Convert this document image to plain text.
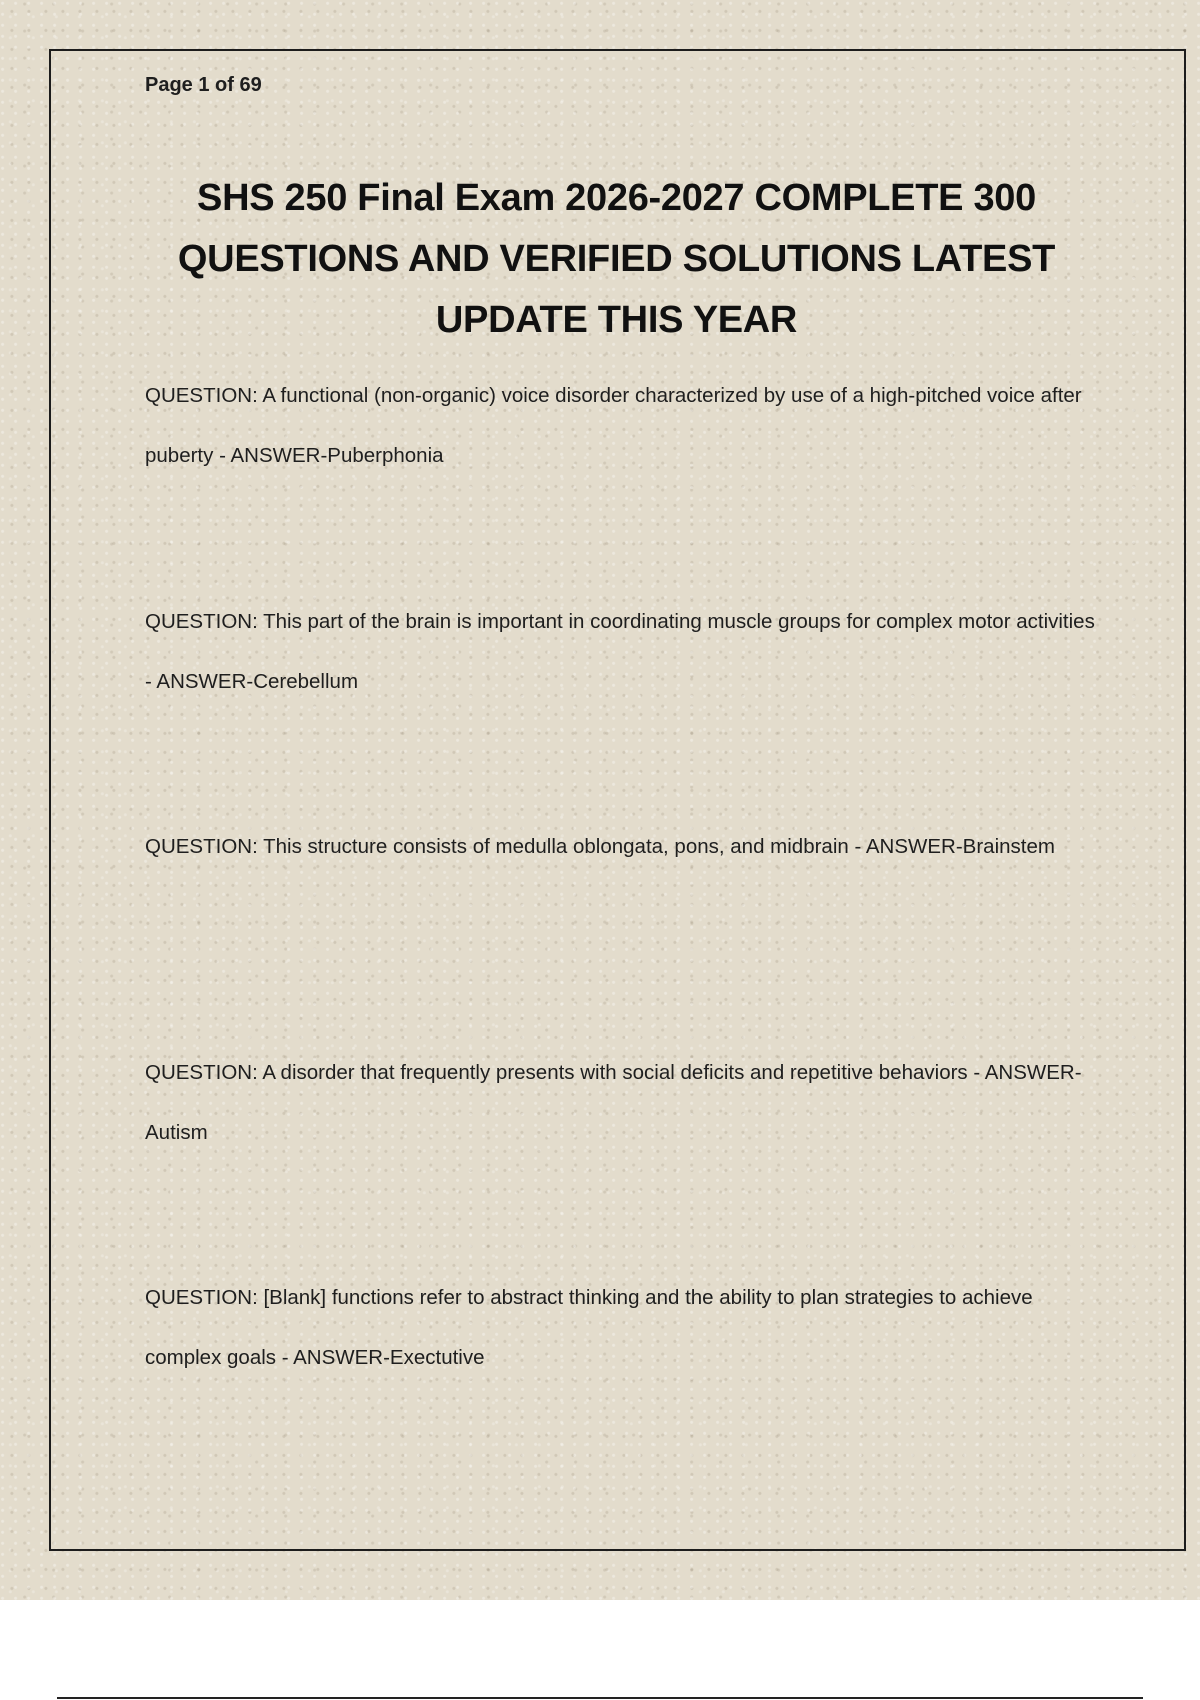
Page 1 of 69
SHS 250 Final Exam 2026-2027 COMPLETE 300 QUESTIONS AND VERIFIED SOLUTIONS LATEST UPDATE THIS YEAR
QUESTION: A functional (non-organic) voice disorder characterized by use of a high-pitched voice after puberty - ANSWER-Puberphonia
QUESTION: This part of the brain is important in coordinating muscle groups for complex motor activities - ANSWER-Cerebellum
QUESTION: This structure consists of medulla oblongata, pons, and midbrain - ANSWER-Brainstem
QUESTION: A disorder that frequently presents with social deficits and repetitive behaviors - ANSWER-Autism
QUESTION: [Blank] functions refer to abstract thinking and the ability to plan strategies to achieve complex goals - ANSWER-Exectutive
